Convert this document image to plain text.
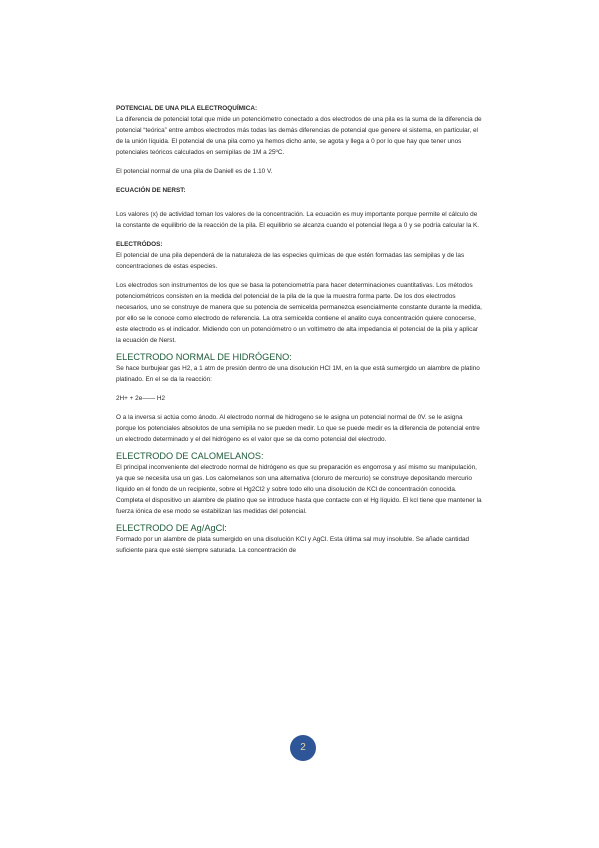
POTENCIAL DE UNA PILA ELECTROQUÍMICA:

La diferencia de potencial total que mide un potenciómetro conectado a dos electrodos de una pila es la suma de la diferencia de potencial “teórica” entre ambos electrodos más todas las demás diferencias de potencial que genere el sistema, en particular, el de la unión líquida. El potencial de una pila como ya hemos dicho ante, se agota y llega a 0 por lo que hay que tener unos potenciales teóricos calculados en semipilas de 1M a 25ºC.

El potencial normal de una pila de Daniell es de 1.10 V.

ECUACIÓN DE NERST:

Los valores (x) de actividad toman los valores de la concentración. La ecuación es muy importante porque permite el cálculo de la constante de equilibrio de la reacción de la pila. El equilibrio se alcanza cuando el potencial llega a 0 y se podría calcular la K.

ELECTRÓDOS:

El potencial de una pila dependerá de la naturaleza de las especies químicas de que estén formadas las semipilas y de las concentraciones de estas especies.

Los electrodos son instrumentos de los que se basa la potenciometría para hacer determinaciones cuantitativas. Los métodos potenciométricos consisten en la medida del potencial de la pila de la que la muestra forma parte. De los dos electrodos necesarios, uno se construye de manera que su potencia de semicelda permanezca esencialmente constante durante la medida, por ello se le conoce como electrodo de referencia. La otra semicelda contiene el analito cuya concentración quiere conocerse, este electrodo es el indicador. Midiendo con un potenciómetro o un voltímetro de alta impedancia el potencial de la pila y aplicar la ecuación de Nerst.

ELECTRODO NORMAL DE HIDRÓGENO:

Se hace burbujear gas H2, a 1 atm de presión dentro de una disolución HCl 1M, en la que está sumergido un alambre de platino platinado. En el se da la reacción:

2H+ + 2e—— H2

O a la inversa si actúa como ánodo. Al electrodo normal de hidrogeno se le asigna un potencial normal de 0V. se le asigna porque los potenciales absolutos de una semipila no se pueden medir. Lo que se puede medir es la diferencia de potencial entre un electrodo determinado y el del hidrógeno es el valor que se da como potencial del electrodo.

ELECTRODO DE CALOMELANOS:

El principal inconveniente del electrodo normal de hidrógeno es que su preparación es engorrosa y así mismo su manipulación, ya que se necesita usa un gas. Los calomelanos son una alternativa (cloruro de mercurio) se construye depositando mercurio líquido en el fondo de un recipiente, sobre el Hg2Cl2 y sobre todo ello una disolución de KCl de concentración conocida. Completa el dispositivo un alambre de platino que se introduce hasta que contacte con el Hg líquido. El kcl tiene que mantener la fuerza iónica de ese modo se estabilizan las medidas del potencial.

ELECTRODO DE Ag/AgCl:

Formado por un alambre de plata sumergido en una disolución KCl y AgCl. Esta última sal muy insoluble. Se añade cantidad suficiente para que esté siempre saturada. La concentración de

2
